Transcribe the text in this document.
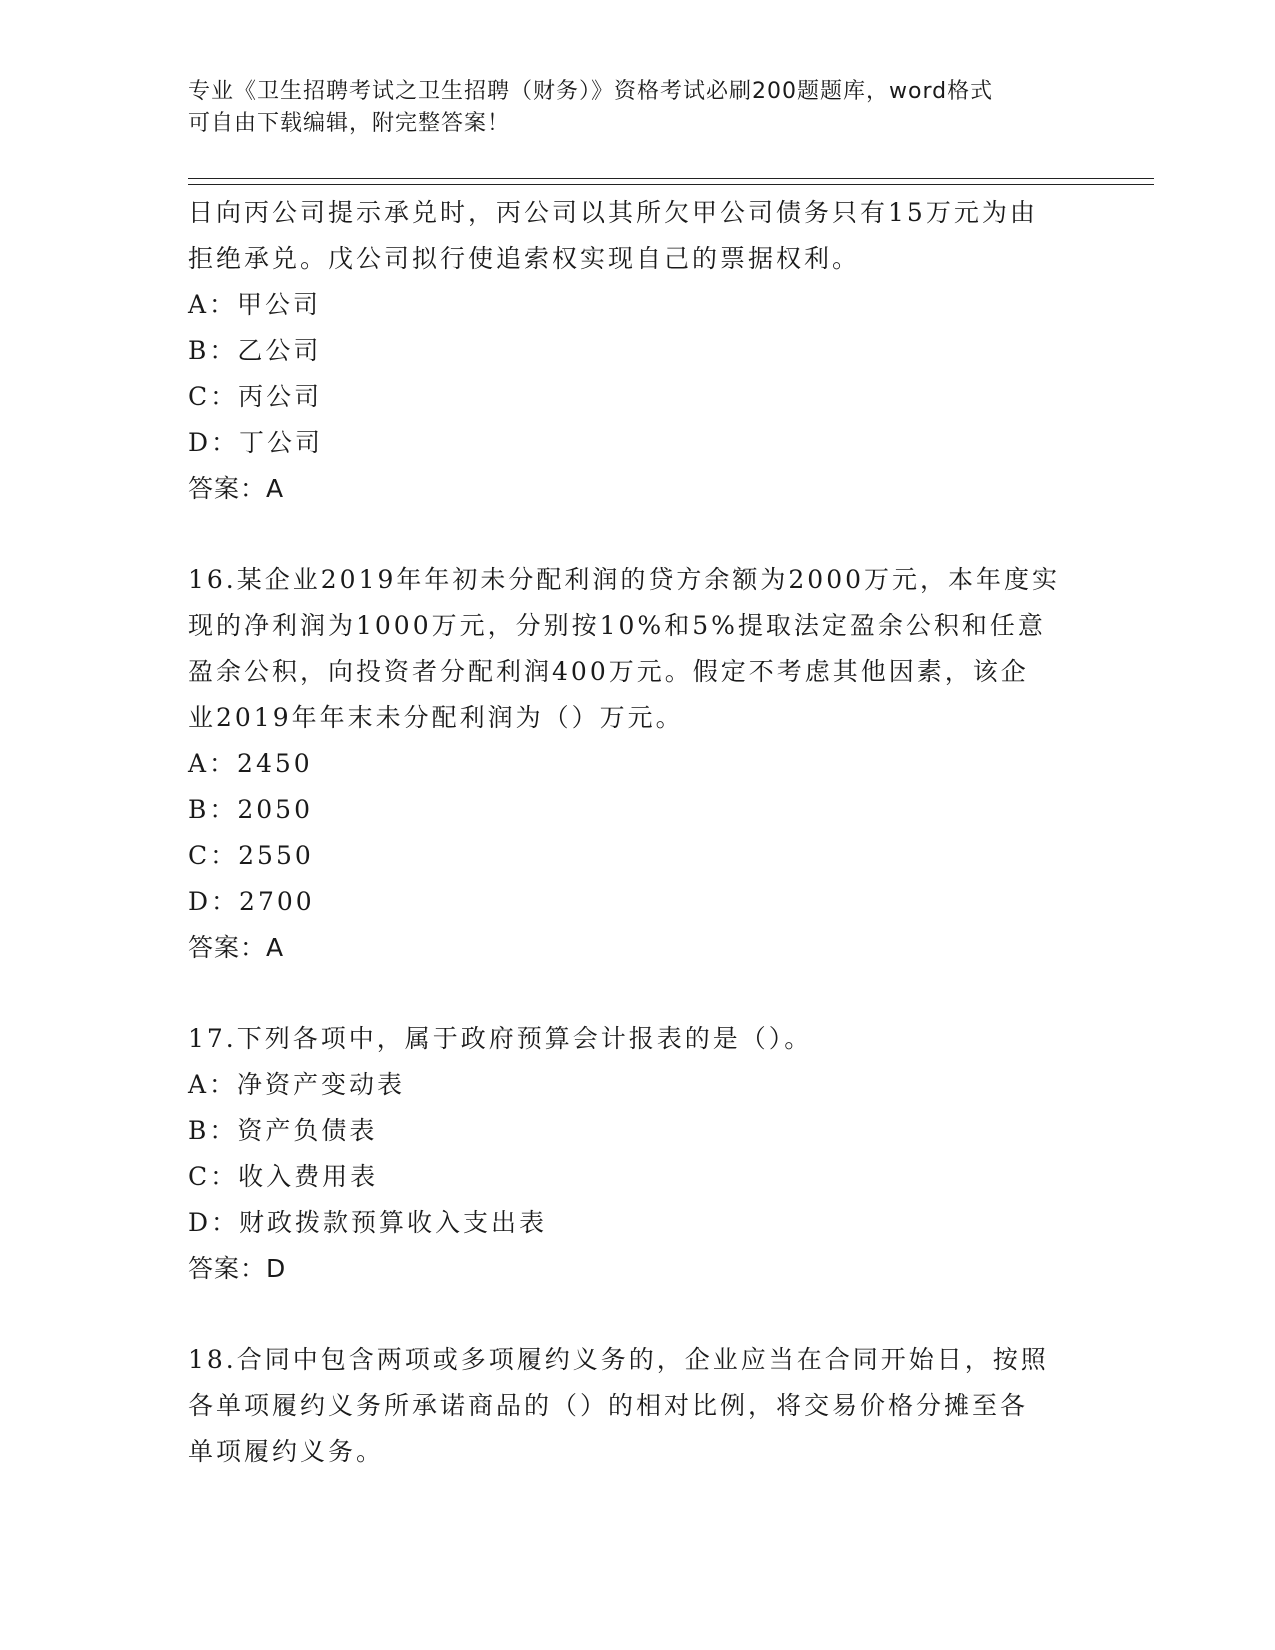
专业《卫生招聘考试之卫生招聘（财务）》资格考试必刷200题题库，word格式
可自由下载编辑，附完整答案！
日向丙公司提示承兑时，丙公司以其所欠甲公司债务只有15万元为由
拒绝承兑。戊公司拟行使追索权实现自己的票据权利。
A：甲公司
B：乙公司
C：丙公司
D：丁公司
答案：A
16.某企业2019年年初未分配利润的贷方余额为2000万元，本年度实
现的净利润为1000万元，分别按10%和5%提取法定盈余公积和任意
盈余公积，向投资者分配利润400万元。假定不考虑其他因素，该企
业2019年年末未分配利润为（）万元。
A：2450
B：2050
C：2550
D：2700
答案：A
17.下列各项中，属于政府预算会计报表的是（）。
A：净资产变动表
B：资产负债表
C：收入费用表
D：财政拨款预算收入支出表
答案：D
18.合同中包含两项或多项履约义务的，企业应当在合同开始日，按照
各单项履约义务所承诺商品的（）的相对比例，将交易价格分摊至各
单项履约义务。
